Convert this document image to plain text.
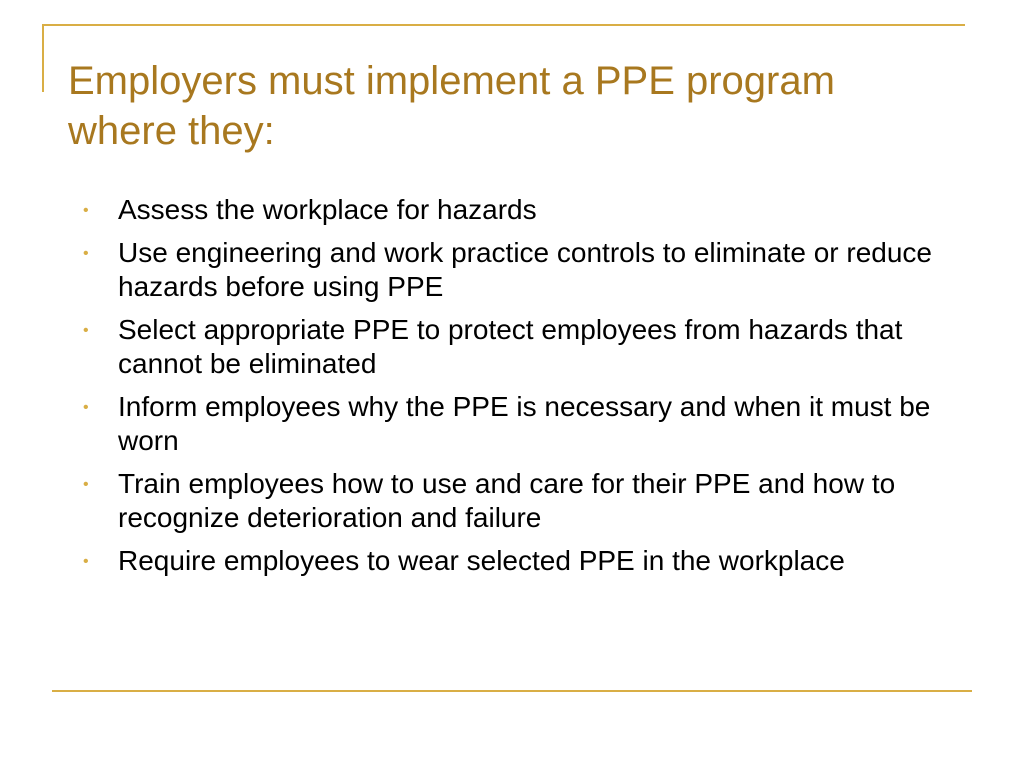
Employers must implement a PPE program where they:
• Assess the workplace for hazards
• Use engineering and work practice controls to eliminate or reduce hazards before using PPE
• Select appropriate PPE to protect employees from hazards that cannot be eliminated
• Inform employees why the PPE is necessary and when it must be worn
• Train employees how to use and care for their PPE and how to recognize deterioration and failure
• Require employees to wear selected PPE in the workplace
